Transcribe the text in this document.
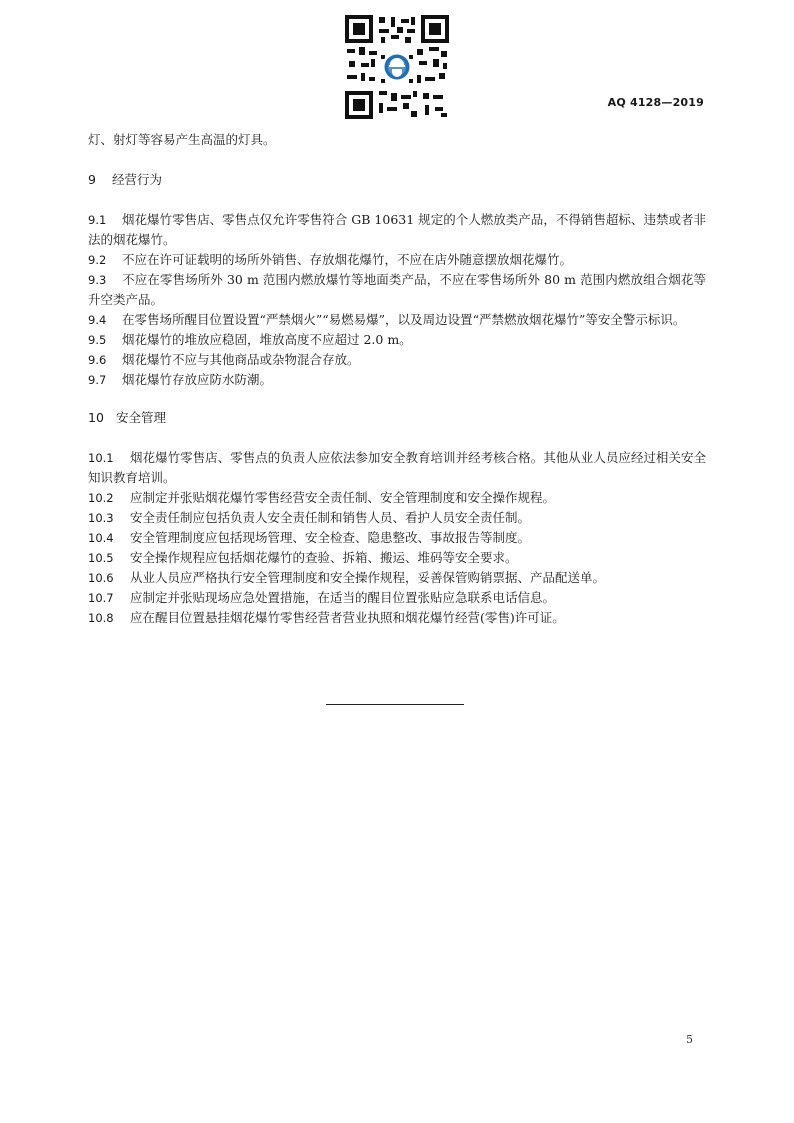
AQ 4128—2019

灯、射灯等容易产生高温的灯具。

9 经营行为

9.1 烟花爆竹零售店、零售点仅允许零售符合 GB 10631 规定的个人燃放类产品，不得销售超标、违禁或者非法的烟花爆竹。

9.2 不应在许可证载明的场所外销售、存放烟花爆竹，不应在店外随意摆放烟花爆竹。

9.3 不应在零售场所外 30 m 范围内燃放爆竹等地面类产品，不应在零售场所外 80 m 范围内燃放组合烟花等升空类产品。

9.4 在零售场所醒目位置设置“严禁烟火”“易燃易爆”，以及周边设置“严禁燃放烟花爆竹”等安全警示标识。

9.5 烟花爆竹的堆放应稳固，堆放高度不应超过 2.0 m。

9.6 烟花爆竹不应与其他商品或杂物混合存放。

9.7 烟花爆竹存放应防水防潮。

10 安全管理

10.1 烟花爆竹零售店、零售点的负责人应依法参加安全教育培训并经考核合格。其他从业人员应经过相关安全知识教育培训。

10.2 应制定并张贴烟花爆竹零售经营安全责任制、安全管理制度和安全操作规程。

10.3 安全责任制应包括负责人安全责任制和销售人员、看护人员安全责任制。

10.4 安全管理制度应包括现场管理、安全检查、隐患整改、事故报告等制度。

10.5 安全操作规程应包括烟花爆竹的查验、拆箱、搬运、堆码等安全要求。

10.6 从业人员应严格执行安全管理制度和安全操作规程，妥善保管购销票据、产品配送单。

10.7 应制定并张贴现场应急处置措施，在适当的醒目位置张贴应急联系电话信息。

10.8 应在醒目位置悬挂烟花爆竹零售经营者营业执照和烟花爆竹经营(零售)许可证。

5
